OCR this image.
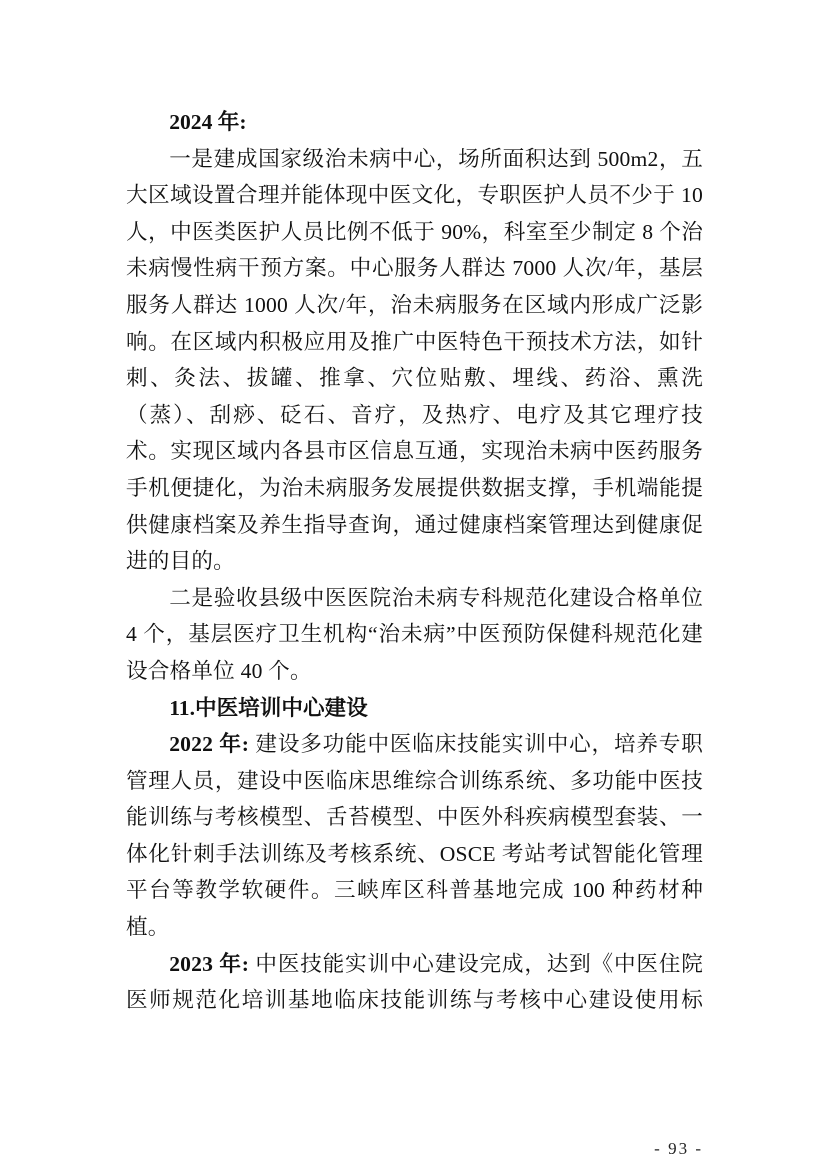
2024 年:

一是建成国家级治未病中心，场所面积达到 500m2，五大区域设置合理并能体现中医文化，专职医护人员不少于 10 人，中医类医护人员比例不低于 90%，科室至少制定 8 个治未病慢性病干预方案。中心服务人群达 7000 人次/年，基层服务人群达 1000 人次/年，治未病服务在区域内形成广泛影响。在区域内积极应用及推广中医特色干预技术方法，如针刺、灸法、拔罐、推拿、穴位贴敷、埋线、药浴、熏洗（蒸）、刮痧、砭石、音疗，及热疗、电疗及其它理疗技术。实现区域内各县市区信息互通，实现治未病中医药服务手机便捷化，为治未病服务发展提供数据支撑，手机端能提供健康档案及养生指导查询，通过健康档案管理达到健康促进的目的。

二是验收县级中医医院治未病专科规范化建设合格单位 4 个，基层医疗卫生机构“治未病”中医预防保健科规范化建设合格单位 40 个。

11.中医培训中心建设

2022 年: 建设多功能中医临床技能实训中心，培养专职管理人员，建设中医临床思维综合训练系统、多功能中医技能训练与考核模型、舌苔模型、中医外科疾病模型套装、一体化针刺手法训练及考核系统、OSCE 考站考试智能化管理平台等教学软硬件。三峡库区科普基地完成 100 种药材种植。

2023 年: 中医技能实训中心建设完成，达到《中医住院医师规范化培训基地临床技能训练与考核中心建设使用标

- 93 -
